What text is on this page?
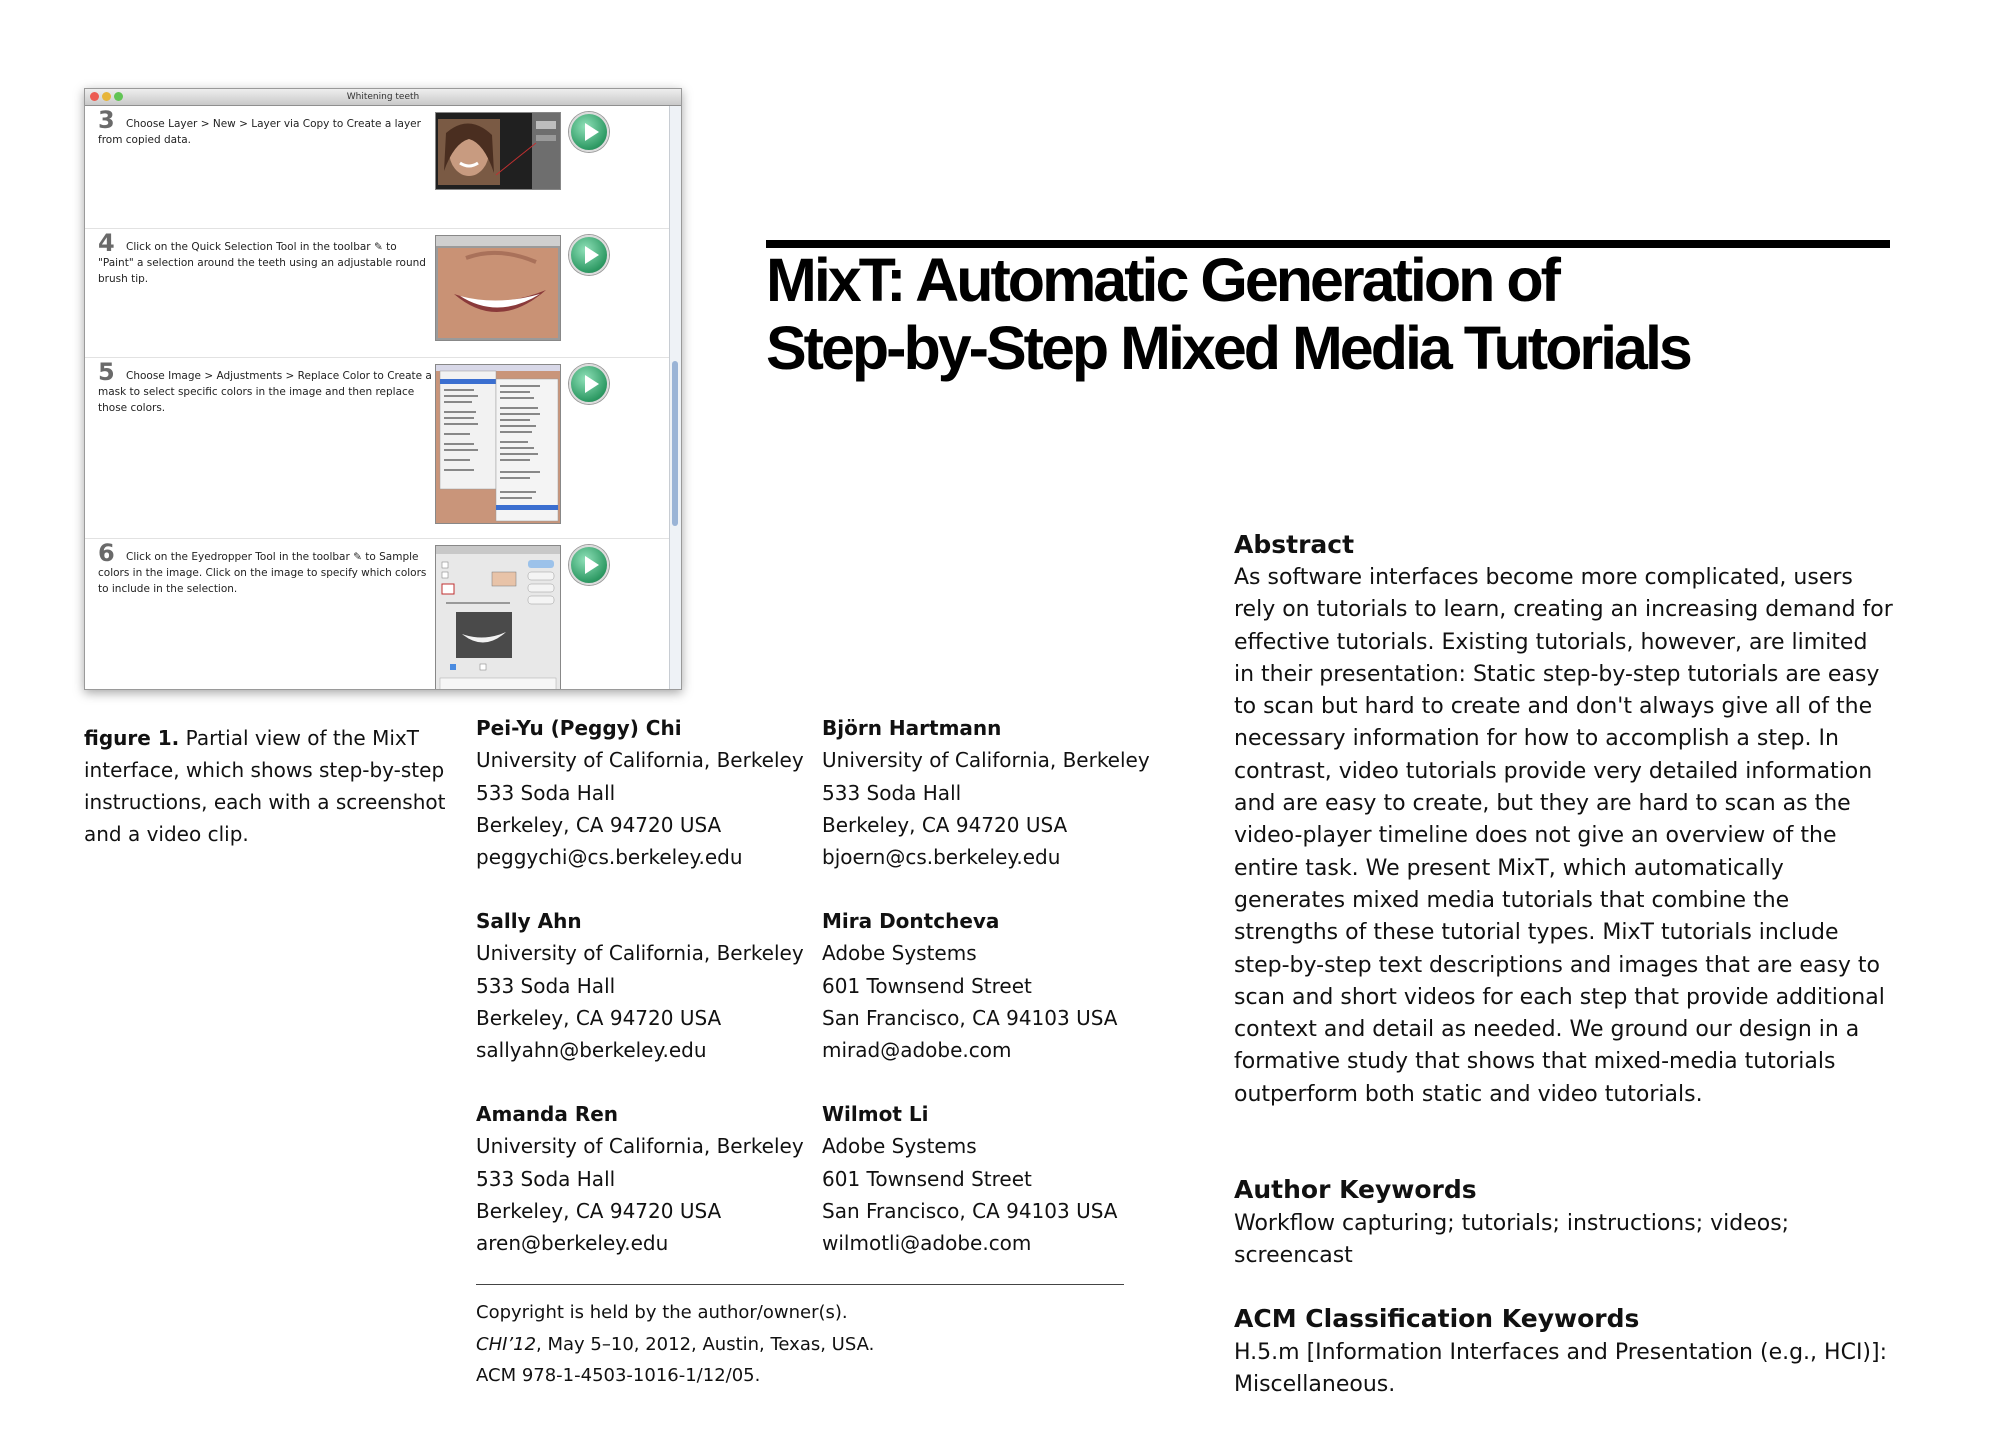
Whitening teeth
3	Choose Layer > New > Layer via Copy to Create a layer from copied data.
4	Click on the Quick Selection Tool in the toolbar ✎ to "Paint" a selection around the teeth using an adjustable round brush tip.
5	Choose Image > Adjustments > Replace Color to Create a mask to select specific colors in the image and then replace those colors.
6	Click on the Eyedropper Tool in the toolbar ✎ to Sample colors in the image. Click on the image to specify which colors to include in the selection.
figure 1. Partial view of the MixT interface, which shows step-by-step instructions, each with a screenshot and a video clip.
MixT: Automatic Generation of
Step-by-Step Mixed Media Tutorials
Pei-Yu (Peggy) Chi
University of California, Berkeley
533 Soda Hall
Berkeley, CA 94720 USA
peggychi@cs.berkeley.edu
Björn Hartmann
University of California, Berkeley
533 Soda Hall
Berkeley, CA 94720 USA
bjoern@cs.berkeley.edu
Sally Ahn
University of California, Berkeley
533 Soda Hall
Berkeley, CA 94720 USA
sallyahn@berkeley.edu
Mira Dontcheva
Adobe Systems
601 Townsend Street
San Francisco, CA 94103 USA
mirad@adobe.com
Amanda Ren
University of California, Berkeley
533 Soda Hall
Berkeley, CA 94720 USA
aren@berkeley.edu
Wilmot Li
Adobe Systems
601 Townsend Street
San Francisco, CA 94103 USA
wilmotli@adobe.com
Copyright is held by the author/owner(s).
CHI’12, May 5–10, 2012, Austin, Texas, USA.
ACM 978-1-4503-1016-1/12/05.
Abstract

As software interfaces become more complicated, users rely on tutorials to learn, creating an increasing demand for effective tutorials. Existing tutorials, however, are limited in their presentation: Static step-by-step tutorials are easy to scan but hard to create and don't always give all of the necessary information for how to accomplish a step. In contrast, video tutorials provide very detailed information and are easy to create, but they are hard to scan as the video-player timeline does not give an overview of the entire task. We present MixT, which automatically generates mixed media tutorials that combine the strengths of these tutorial types. MixT tutorials include step-by-step text descriptions and images that are easy to scan and short videos for each step that provide additional context and detail as needed. We ground our design in a formative study that shows that mixed-media tutorials outperform both static and video tutorials.

Author Keywords

Workflow capturing; tutorials; instructions; videos; screencast

ACM Classification Keywords

H.5.m [Information Interfaces and Presentation (e.g., HCI)]: Miscellaneous.
